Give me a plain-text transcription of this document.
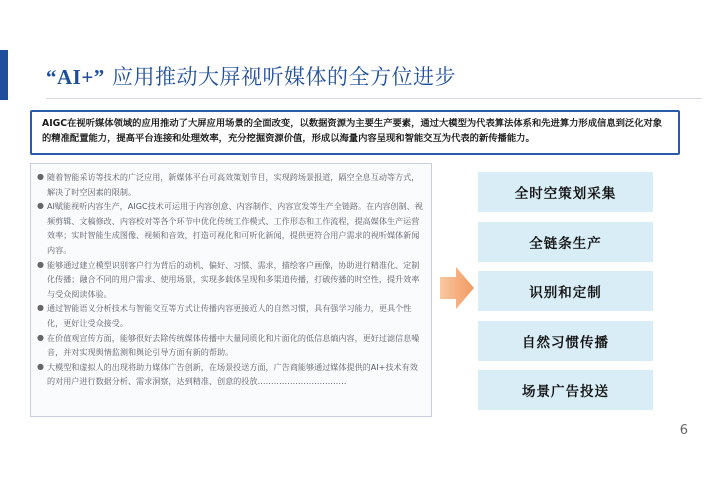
“AI+” 应用推动大屏视听媒体的全方位进步
AIGC在视听媒体领域的应用推动了大屏应用场景的全面改变，以数据资源为主要生产要素，通过大模型为代表算法体系和先进算力形成信息到泛化对象的精准配置能力，提高平台连接和处理效率，充分挖掘资源价值，形成以海量内容呈现和智能交互为代表的新传播能力。
● 随着智能采访等技术的广泛应用，新媒体平台可高效策划节目，实现跨场景报道，隔空全息互动等方式，解决了时空因素的限制。
● AI赋能视听内容生产，AIGC技术可运用于内容创意、内容制作、内容宣发等生产全链路。在内容创制、视频剪辑、文稿修改、内容校对等各个环节中优化传统工作模式、工作形态和工作流程，提高媒体生产运营效率；实时智能生成图像、视频和音效，打造可视化和可听化新闻，提供更符合用户需求的视听媒体新闻内容。
● 能够通过建立模型识别客户行为背后的动机、偏好、习惯、需求，描绘客户画像，协助进行精准化、定制化传播；融合不同的用户需求、使用场景，实现多载体呈现和多渠道传播，打破传播的时空性，提升效率与受众阅读体验。
● 通过智能语义分析技术与智能交互等方式让传播内容更接近人的自然习惯，具有强学习能力，更具个性化，更好让受众接受。
● 在价值观宣传方面，能够很好去除传统媒体传播中大量同质化和片面化的低信息熵内容，更好过滤信息噪音，并对实现舆情监测和舆论引导方面有新的帮助。
● 大模型和虚拟人的出现将助力媒体广告创新，在场景投送方面，广告商能够通过媒体提供的AI+技术有效的对用户进行数据分析、需求洞察，达到精准、创意的投放……………………………
全时空策划采集
全链条生产
识别和定制
自然习惯传播
场景广告投送
6
